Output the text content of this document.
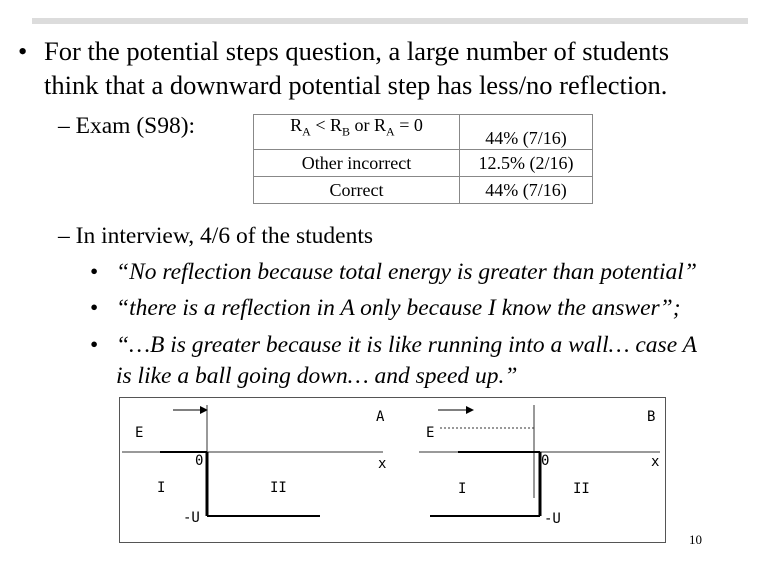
• For the potential steps question, a large number of students
think that a downward potential step has less/no reflection.
– Exam (S98):	$R_A < R_B$ or $R_A = 0$	44% (7/16)
Other incorrect	12.5% (2/16)
Correct	44% (7/16)
– In interview, 4/6 of the students
• “No reflection because total energy is greater than potential”
• “there is a reflection in A only because I know the answer”;
• “…B is greater because it is like running into a wall… case A
is like a ball going down… and speed up.”
A
E
0	x
I	II
-U
B
E
0	x
I	II
-U
10
